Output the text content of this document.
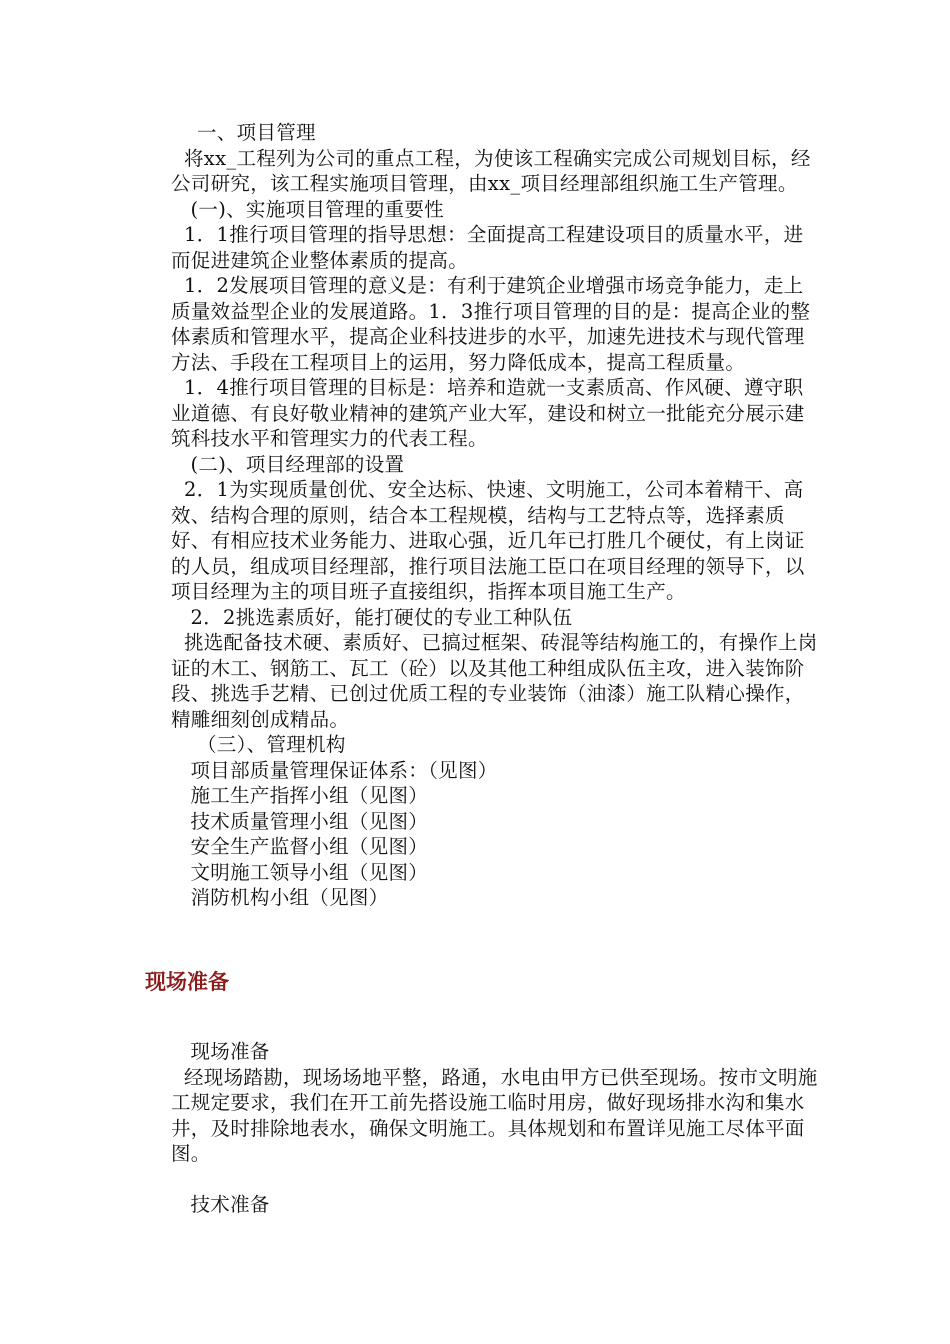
一、项目管理

将xx_工程列为公司的重点工程，为使该工程确实完成公司规划目标，经公司研究，该工程实施项目管理，由xx_项目经理部组织施工生产管理。

(一)、实施项目管理的重要性

1．1推行项目管理的指导思想：全面提高工程建设项目的质量水平，进而促进建筑企业整体素质的提高。

1．2发展项目管理的意义是：有利于建筑企业增强市场竞争能力，走上质量效益型企业的发展道路。1．3推行项目管理的目的是：提高企业的整体素质和管理水平，提高企业科技进步的水平，加速先进技术与现代管理方法、手段在工程项目上的运用，努力降低成本，提高工程质量。

1．4推行项目管理的目标是：培养和造就一支素质高、作风硬、遵守职业道德、有良好敬业精神的建筑产业大军，建设和树立一批能充分展示建筑科技水平和管理实力的代表工程。

(二)、项目经理部的设置

2．1为实现质量创优、安全达标、快速、文明施工，公司本着精干、高效、结构合理的原则，结合本工程规模，结构与工艺特点等，选择素质好、有相应技术业务能力、进取心强，近几年已打胜几个硬仗，有上岗证的人员，组成项目经理部，推行项目法施工臣口在项目经理的领导下，以项目经理为主的项目班子直接组织，指挥本项目施工生产。

2．2挑选素质好，能打硬仗的专业工种队伍

挑选配备技术硬、素质好、已搞过框架、砖混等结构施工的，有操作上岗证的木工、钢筋工、瓦工（砼）以及其他工种组成队伍主攻，进入装饰阶段、挑选手艺精、已创过优质工程的专业装饰（油漆）施工队精心操作，精雕细刻创成精品。

（三）、管理机构

项目部质量管理保证体系：（见图）

施工生产指挥小组（见图）

技术质量管理小组（见图）

安全生产监督小组（见图）

文明施工领导小组（见图）

消防机构小组（见图）

现场准备

现场准备

经现场踏勘，现场场地平整，路通，水电由甲方已供至现场。按市文明施工规定要求，我们在开工前先搭设施工临时用房，做好现场排水沟和集水井，及时排除地表水，确保文明施工。具体规划和布置详见施工尽体平面图。

技术准备
